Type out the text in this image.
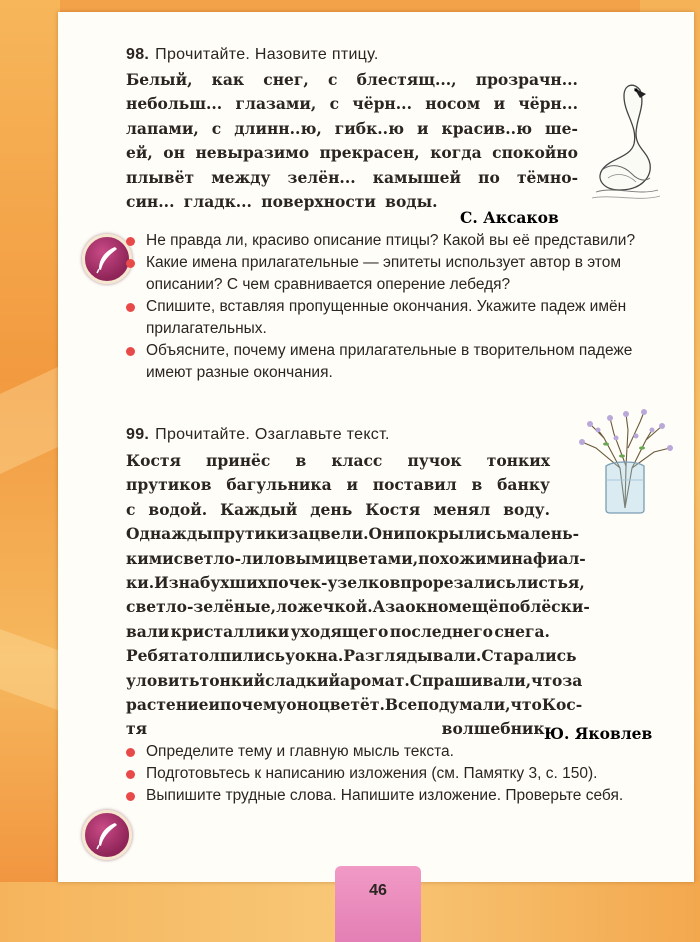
98. Прочитайте. Назовите птицу.
Белый, как снег, с блестящ..., прозрачн...
небольш... глазами, с чёрн... носом и чёрн...
лапами, с длинн..ю, гибк..ю и красив..ю ше-
ей, он невыразимо прекрасен, когда спокойно
плывёт между зелён... камышей по тёмно-
син... гладк... поверхности воды.
С. Аксаков
Не правда ли, красиво описание птицы? Какой вы её представили?
Какие имена прилагательные — эпитеты использует автор в этом описании? С чем сравнивается оперение лебедя?
Спишите, вставляя пропущенные окончания. Укажите падеж имён прилагательных.
Объясните, почему имена прилагательные в творительном падеже имеют разные окончания.
99. Прочитайте. Озаглавьте текст.
Костя принёс в класс пучок тонких
прутиков багульника и поставил в банку
с водой. Каждый день Костя менял воду.
Однажды прутики зацвели. Они покрылись малень-
кими светло-лиловыми цветами, похожими на фиал-
ки. Из набухших почек-узелков прорезались листья,
светло-зелёные, ложечкой. А за окном ещё поблёски-
вали кристаллики уходящего последнего снега.
Ребята толпились у окна. Разглядывали. Старались
уловить тонкий сладкий аромат. Спрашивали, что за
растение и почему оно цветёт. Все подумали, что Кос-
тя волшебник.
Ю. Яковлев
Определите тему и главную мысль текста.
Подготовьтесь к написанию изложения (см. Памятку 3, с. 150).
Выпишите трудные слова. Напишите изложение. Проверьте себя.
46
